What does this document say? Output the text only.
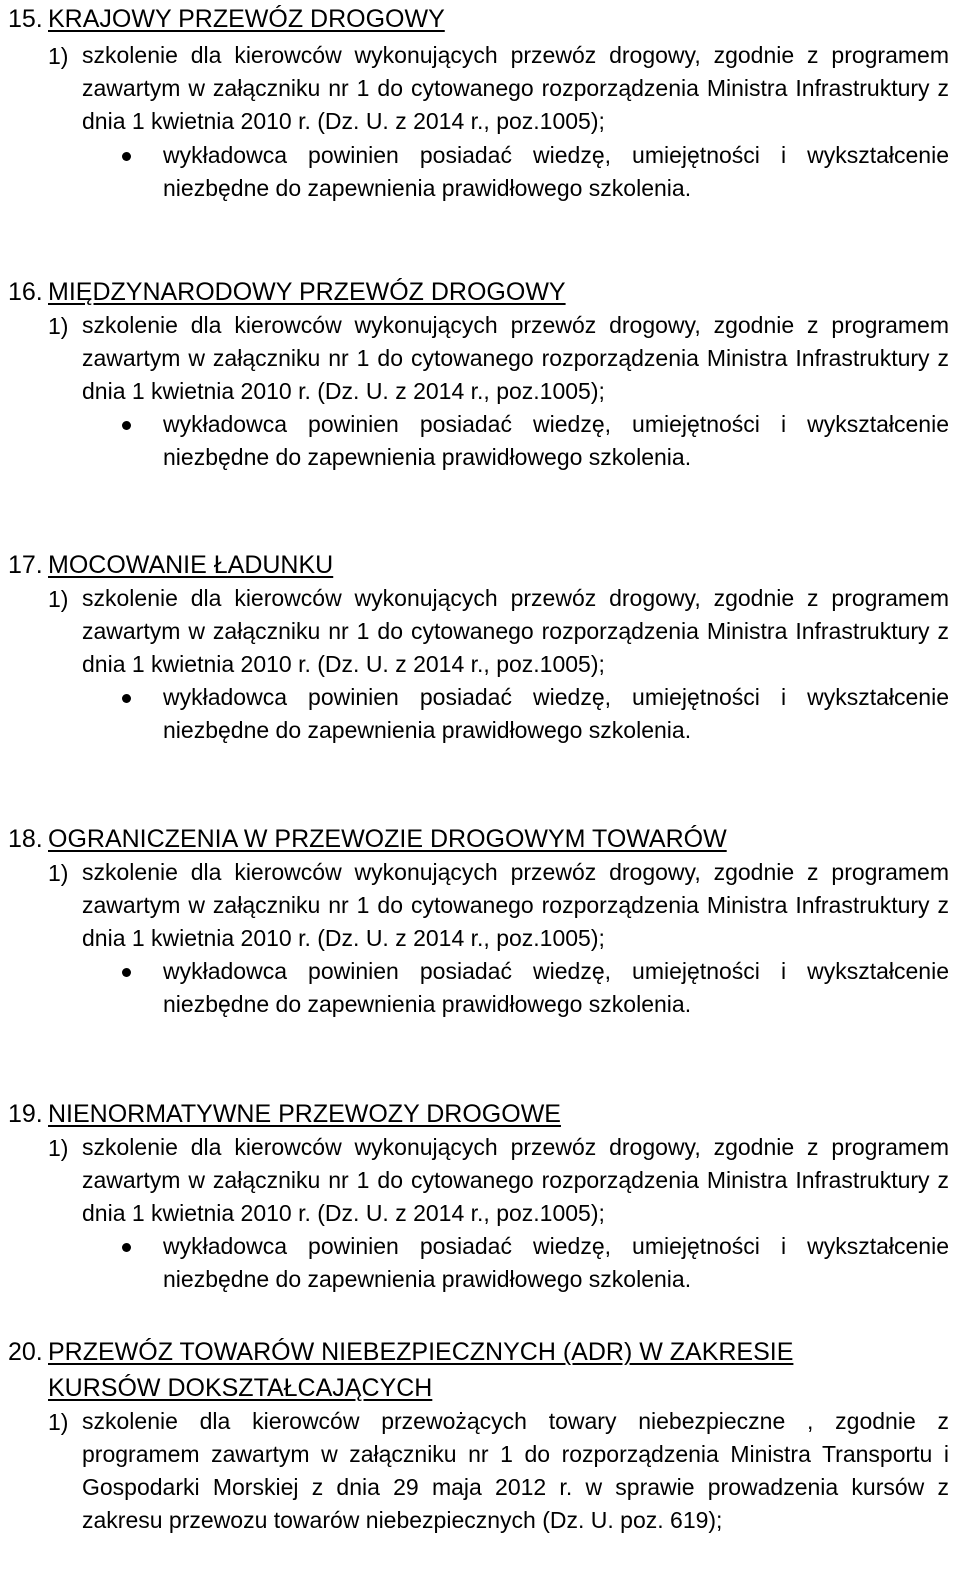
15. KRAJOWY PRZEWÓZ DROGOWY
1) szkolenie dla kierowców wykonujących przewóz drogowy, zgodnie z programem zawartym w załączniku nr 1 do cytowanego rozporządzenia Ministra Infrastruktury z dnia 1 kwietnia 2010 r. (Dz. U. z 2014 r., poz.1005);
wykładowca powinien posiadać wiedzę, umiejętności i wykształcenie niezbędne do zapewnienia prawidłowego szkolenia.
16. MIĘDZYNARODOWY PRZEWÓZ DROGOWY
1) szkolenie dla kierowców wykonujących przewóz drogowy, zgodnie z programem zawartym w załączniku nr 1 do cytowanego rozporządzenia Ministra Infrastruktury z dnia 1 kwietnia 2010 r. (Dz. U. z 2014 r., poz.1005);
wykładowca powinien posiadać wiedzę, umiejętności i wykształcenie niezbędne do zapewnienia prawidłowego szkolenia.
17. MOCOWANIE ŁADUNKU
1) szkolenie dla kierowców wykonujących przewóz drogowy, zgodnie z programem zawartym w załączniku nr 1 do cytowanego rozporządzenia Ministra Infrastruktury z dnia 1 kwietnia 2010 r. (Dz. U. z 2014 r., poz.1005);
wykładowca powinien posiadać wiedzę, umiejętności i wykształcenie niezbędne do zapewnienia prawidłowego szkolenia.
18. OGRANICZENIA W PRZEWOZIE DROGOWYM TOWARÓW
1) szkolenie dla kierowców wykonujących przewóz drogowy, zgodnie z programem zawartym w załączniku nr 1 do cytowanego rozporządzenia Ministra Infrastruktury z dnia 1 kwietnia 2010 r. (Dz. U. z 2014 r., poz.1005);
wykładowca powinien posiadać wiedzę, umiejętności i wykształcenie niezbędne do zapewnienia prawidłowego szkolenia.
19. NIENORMATYWNE PRZEWOZY DROGOWE
1) szkolenie dla kierowców wykonujących przewóz drogowy, zgodnie z programem zawartym w załączniku nr 1 do cytowanego rozporządzenia Ministra Infrastruktury z dnia 1 kwietnia 2010 r. (Dz. U. z 2014 r., poz.1005);
wykładowca powinien posiadać wiedzę, umiejętności i wykształcenie niezbędne do zapewnienia prawidłowego szkolenia.
20. PRZEWÓZ TOWARÓW NIEBEZPIECZNYCH (ADR) W ZAKRESIE
KURSÓW DOKSZTAŁCAJĄCYCH
1) szkolenie dla kierowców przewożących towary niebezpieczne , zgodnie z programem zawartym w załączniku nr 1 do rozporządzenia Ministra Transportu i Gospodarki Morskiej z dnia 29 maja 2012 r. w sprawie prowadzenia kursów z zakresu przewozu towarów niebezpiecznych (Dz. U. poz. 619);
